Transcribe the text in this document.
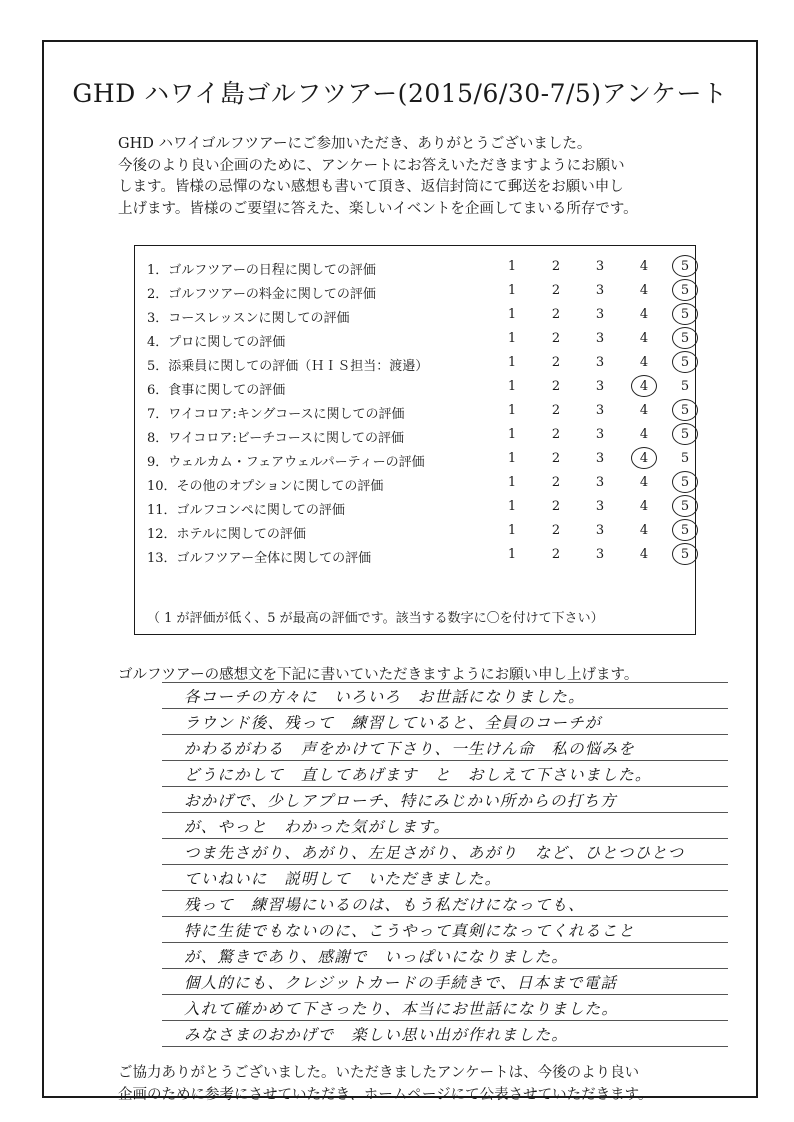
GHD ハワイ島ゴルフツアー(2015/6/30-7/5)アンケート
GHD ハワイゴルフツアーにご参加いただき、ありがとうございました。
今後のより良い企画のために、アンケートにお答えいただきますようにお願い
します。皆様の忌憚のない感想も書いて頂き、返信封筒にて郵送をお願い申し
上げます。皆様のご要望に答えた、楽しいイベントを企画してまいる所存です。
（ 1 が評価が低く、5 が最高の評価です。該当する数字に〇を付けて下さい）
1．ゴルフツアーの日程に関しての評価	1	2	3	4	5
2．ゴルフツアーの料金に関しての評価	1	2	3	4	5
3．コースレッスンに関しての評価	1	2	3	4	5
4．プロに関しての評価	1	2	3	4	5
5．添乗員に関しての評価（ＨＩＳ担当：渡邉）	1	2	3	4	5
6．食事に関しての評価	1	2	3	4	5
7．ワイコロア:キングコースに関しての評価	1	2	3	4	5
8．ワイコロア:ビーチコースに関しての評価	1	2	3	4	5
9．ウェルカム・フェアウェルパーティーの評価	1	2	3	4	5
10．その他のオプションに関しての評価	1	2	3	4	5
11．ゴルフコンペに関しての評価	1	2	3	4	5
12．ホテルに関しての評価	1	2	3	4	5
13．ゴルフツアー全体に関しての評価	1	2	3	4	5
ゴルフツアーの感想文を下記に書いていただきますようにお願い申し上げます。
各コーチの方々に　いろいろ　お世話になりました。
ラウンド後、残って　練習していると、全員のコーチが
かわるがわる　声をかけて下さり、一生けん命　私の悩みを
どうにかして　直してあげます　と　おしえて下さいました。
おかげで、少しアプローチ、特にみじかい所からの打ち方
が、やっと　わかった気がします。
つま先さがり、あがり、左足さがり、あがり　など、ひとつひとつ
ていねいに　説明して　いただきました。
残って　練習場にいるのは、もう私だけになっても、
特に生徒でもないのに、こうやって真剣になってくれること
が、驚きであり、感謝で　いっぱいになりました。
個人的にも、クレジットカードの手続きで、日本まで電話
入れて確かめて下さったり、本当にお世話になりました。
みなさまのおかげで　楽しい思い出が作れました。
ご協力ありがとうございました。いただきましたアンケートは、今後のより良い
企画のために参考にさせていただき、ホームページにて公表させていただきます。
